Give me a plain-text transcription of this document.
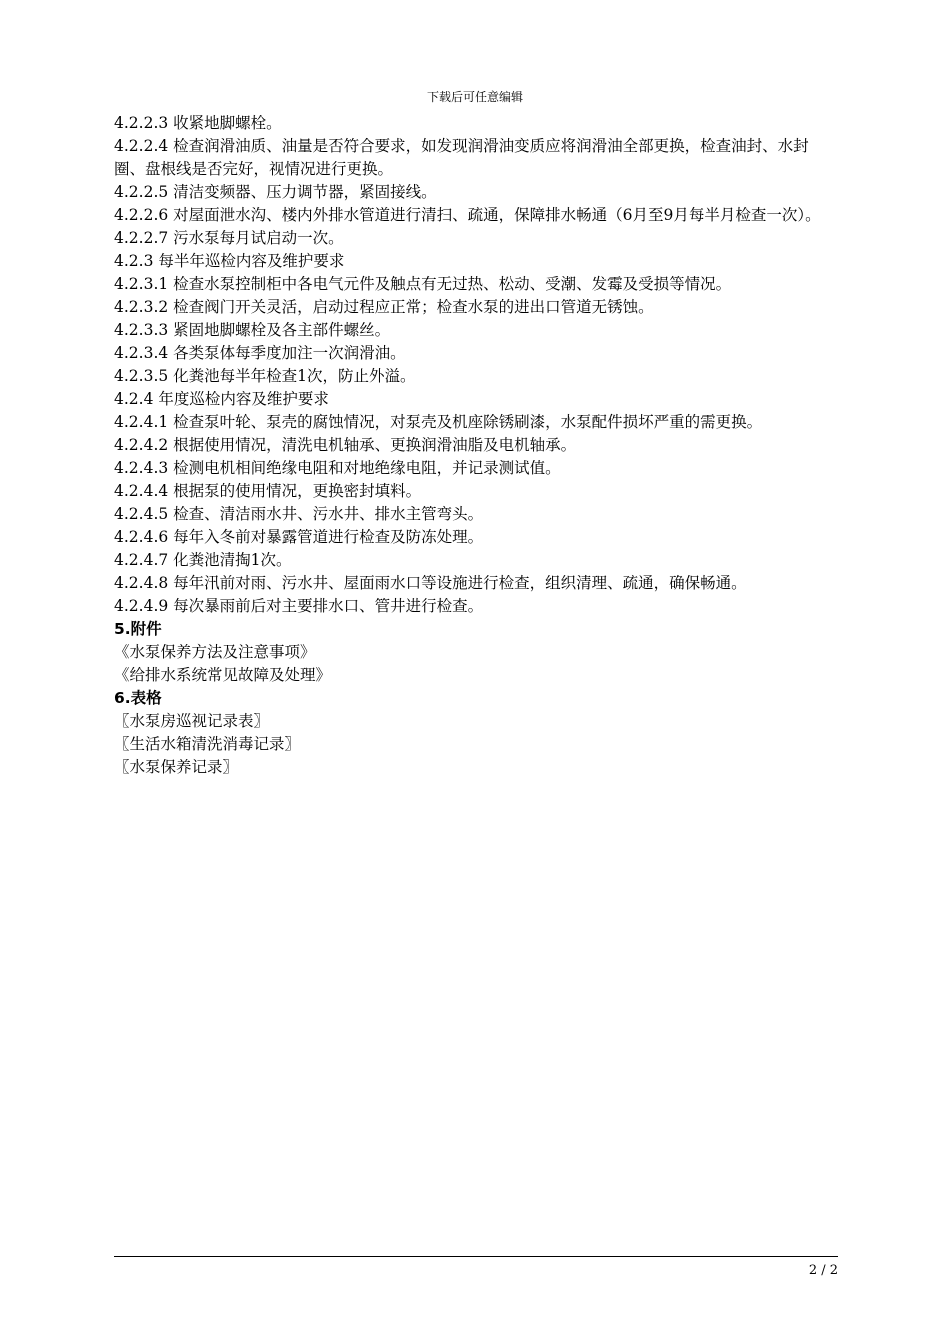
下载后可任意编辑

4.2.2.3 收紧地脚螺栓。

4.2.2.4 检查润滑油质、油量是否符合要求，如发现润滑油变质应将润滑油全部更换，检查油封、水封圈、盘根线是否完好，视情况进行更换。

4.2.2.5 清洁变频器、压力调节器，紧固接线。

4.2.2.6 对屋面泄水沟、楼内外排水管道进行清扫、疏通，保障排水畅通（6月至9月每半月检查一次）。

4.2.2.7 污水泵每月试启动一次。

4.2.3 每半年巡检内容及维护要求

4.2.3.1 检查水泵控制柜中各电气元件及触点有无过热、松动、受潮、发霉及受损等情况。

4.2.3.2 检查阀门开关灵活，启动过程应正常；检查水泵的进出口管道无锈蚀。

4.2.3.3 紧固地脚螺栓及各主部件螺丝。

4.2.3.4 各类泵体每季度加注一次润滑油。

4.2.3.5 化粪池每半年检查1次，防止外溢。

4.2.4 年度巡检内容及维护要求

4.2.4.1 检查泵叶轮、泵壳的腐蚀情况，对泵壳及机座除锈刷漆，水泵配件损坏严重的需更换。

4.2.4.2 根据使用情况，清洗电机轴承、更换润滑油脂及电机轴承。

4.2.4.3 检测电机相间绝缘电阻和对地绝缘电阻，并记录测试值。

4.2.4.4 根据泵的使用情况，更换密封填料。

4.2.4.5 检查、清洁雨水井、污水井、排水主管弯头。

4.2.4.6 每年入冬前对暴露管道进行检查及防冻处理。

4.2.4.7 化粪池清掏1次。

4.2.4.8 每年汛前对雨、污水井、屋面雨水口等设施进行检查，组织清理、疏通，确保畅通。

4.2.4.9 每次暴雨前后对主要排水口、管井进行检查。

5.附件

《水泵保养方法及注意事项》

《给排水系统常见故障及处理》

6.表格

〖水泵房巡视记录表〗

〖生活水箱清洗消毒记录〗

〖水泵保养记录〗

2 / 2
